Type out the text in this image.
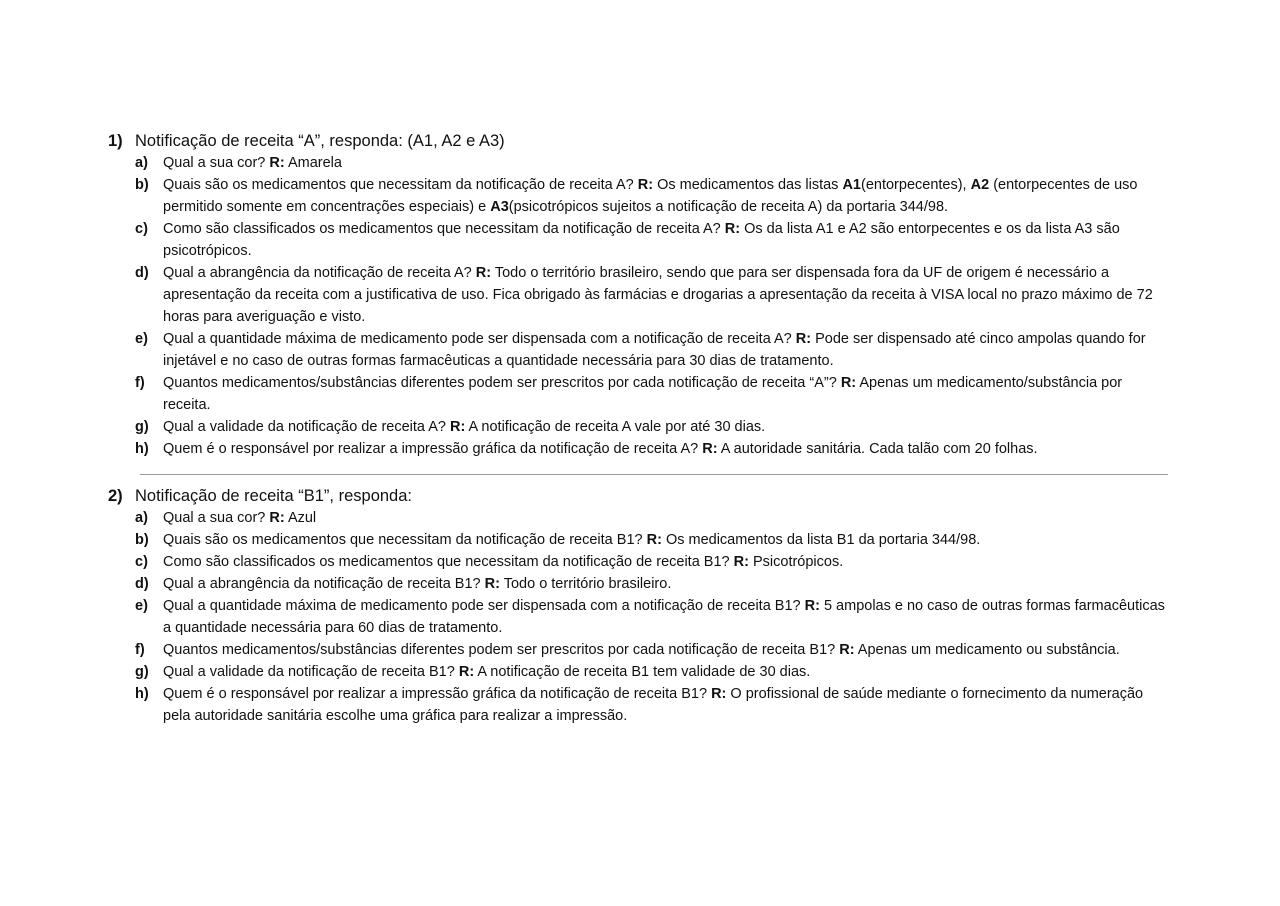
1) Notificação de receita “A”, responda: (A1, A2 e A3)
a)	Qual a sua cor? R: Amarela
b) Quais são os medicamentos que necessitam da notificação de receita A? R: Os medicamentos das listas A1(entorpecentes), A2 (entorpecentes de uso permitido somente em concentrações especiais) e A3(psicotrópicos sujeitos a notificação de receita A) da portaria 344/98.
c)	Como são classificados os medicamentos que necessitam da notificação de receita A? R: Os da lista A1 e A2 são entorpecentes e os da lista A3 são psicotrópicos.
d) Qual a abrangência da notificação de receita A? R: Todo o território brasileiro, sendo que para ser dispensada fora da UF de origem é necessário a apresentação da receita com a justificativa de uso. Fica obrigado às farmácias e drogarias a apresentação da receita à VISA local no prazo máximo de 72 horas para averiguação e visto.
e)	Qual a quantidade máxima de medicamento pode ser dispensada com a notificação de receita A? R: Pode ser dispensado até cinco ampolas quando for injetável e no caso de outras formas farmacêuticas a quantidade necessária para 30 dias de tratamento.
f)	Quantos medicamentos/substâncias diferentes podem ser prescritos por cada notificação de receita “A”? R: Apenas um medicamento/substância por receita.
g) Qual a validade da notificação de receita A? R: A notificação de receita A vale por até 30 dias.
h) Quem é o responsável por realizar a impressão gráfica da notificação de receita A? R: A autoridade sanitária. Cada talão com 20 folhas.
2) Notificação de receita “B1”, responda:
a)	Qual a sua cor? R: Azul
b) Quais são os medicamentos que necessitam da notificação de receita B1? R: Os medicamentos da lista B1 da portaria 344/98.
c)	Como são classificados os medicamentos que necessitam da notificação de receita B1? R: Psicotrópicos.
d) Qual a abrangência da notificação de receita B1? R: Todo o território brasileiro.
e)	Qual a quantidade máxima de medicamento pode ser dispensada com a notificação de receita B1? R: 5 ampolas e no caso de outras formas farmacêuticas a quantidade necessária para 60 dias de tratamento.
f)	Quantos medicamentos/substâncias diferentes podem ser prescritos por cada notificação de receita B1? R: Apenas um medicamento ou substância.
g) Qual a validade da notificação de receita B1? R: A notificação de receita B1 tem validade de 30 dias.
h) Quem é o responsável por realizar a impressão gráfica da notificação de receita B1? R: O profissional de saúde mediante o fornecimento da numeração pela autoridade sanitária escolhe uma gráfica para realizar a impressão.
